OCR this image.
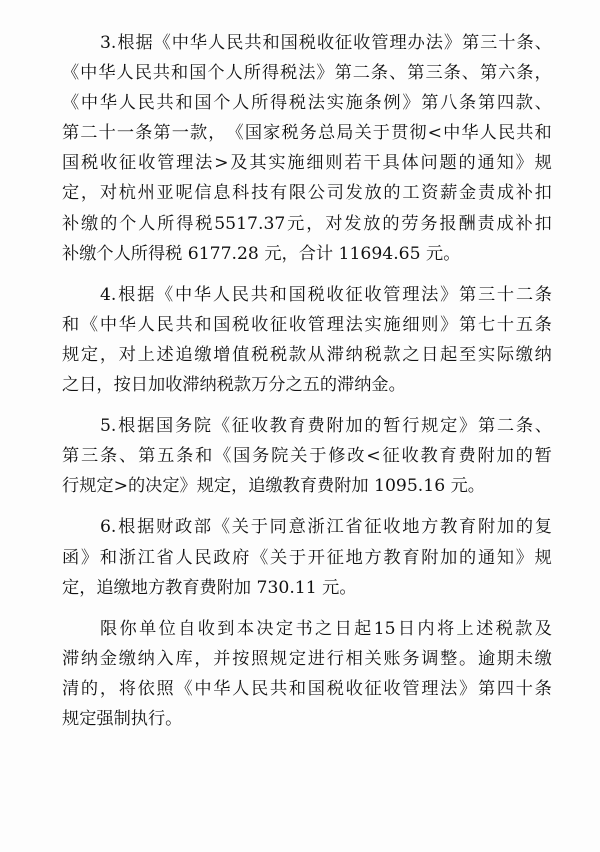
3. 根 据 《 中 华 人 民 共 和 国 税 收 征 收 管 理 办 法 》 第 三 十 条 、
《 中 华 人 民 共 和 国 个 人 所 得 税 法 》 第 二 条 、 第 三 条 、 第 六 条 ，
《 中 华 人 民 共 和 国 个 人 所 得 税 法 实 施 条 例 》 第 八 条 第 四 款 、
第 二 十 一 条 第 一 款 ， 《 国 家 税 务 总 局 关 于 贯 彻 < 中 华 人 民 共 和
国 税 收 征 收 管 理 法 > 及 其 实 施 细 则 若 干 具 体 问 题 的 通 知 》 规
定 ， 对 杭 州 亚 呢 信 息 科 技 有 限 公 司 发 放 的 工 资 薪 金 责 成 补 扣
补 缴 的 个 人 所 得 税 5517.37 元 ， 对 发 放 的 劳 务 报 酬 责 成 补 扣
补缴个人所得税 6177.28 元，合计 11694.65 元。
4. 根 据 《 中 华 人 民 共 和 国 税 收 征 收 管 理 法 》 第 三 十 二 条
和 《 中 华 人 民 共 和 国 税 收 征 收 管 理 法 实 施 细 则 》 第 七 十 五 条
规 定 ， 对 上 述 追 缴 增 值 税 税 款 从 滞 纳 税 款 之 日 起 至 实 际 缴 纳
之日，按日加收滞纳税款万分之五的滞纳金。
5. 根 据 国 务 院 《 征 收 教 育 费 附 加 的 暂 行 规 定 》 第 二 条 、
第 三 条 、 第 五 条 和 《 国 务 院 关 于 修 改 < 征 收 教 育 费 附 加 的 暂
行规定>的决定》规定，追缴教育费附加 1095.16 元。
6. 根 据 财 政 部 《 关 于 同 意 浙 江 省 征 收 地 方 教 育 附 加 的 复
函 》 和 浙 江 省 人 民 政 府 《 关 于 开 征 地 方 教 育 附 加 的 通 知 》 规
定，追缴地方教育费附加 730.11 元。
限 你 单 位 自 收 到 本 决 定 书 之 日 起 15 日 内 将 上 述 税 款 及
滞 纳 金 缴 纳 入 库 ， 并 按 照 规 定 进 行 相 关 账 务 调 整 。 逾 期 未 缴
清 的 ， 将 依 照 《 中 华 人 民 共 和 国 税 收 征 收 管 理 法 》 第 四 十 条
规定强制执行。
